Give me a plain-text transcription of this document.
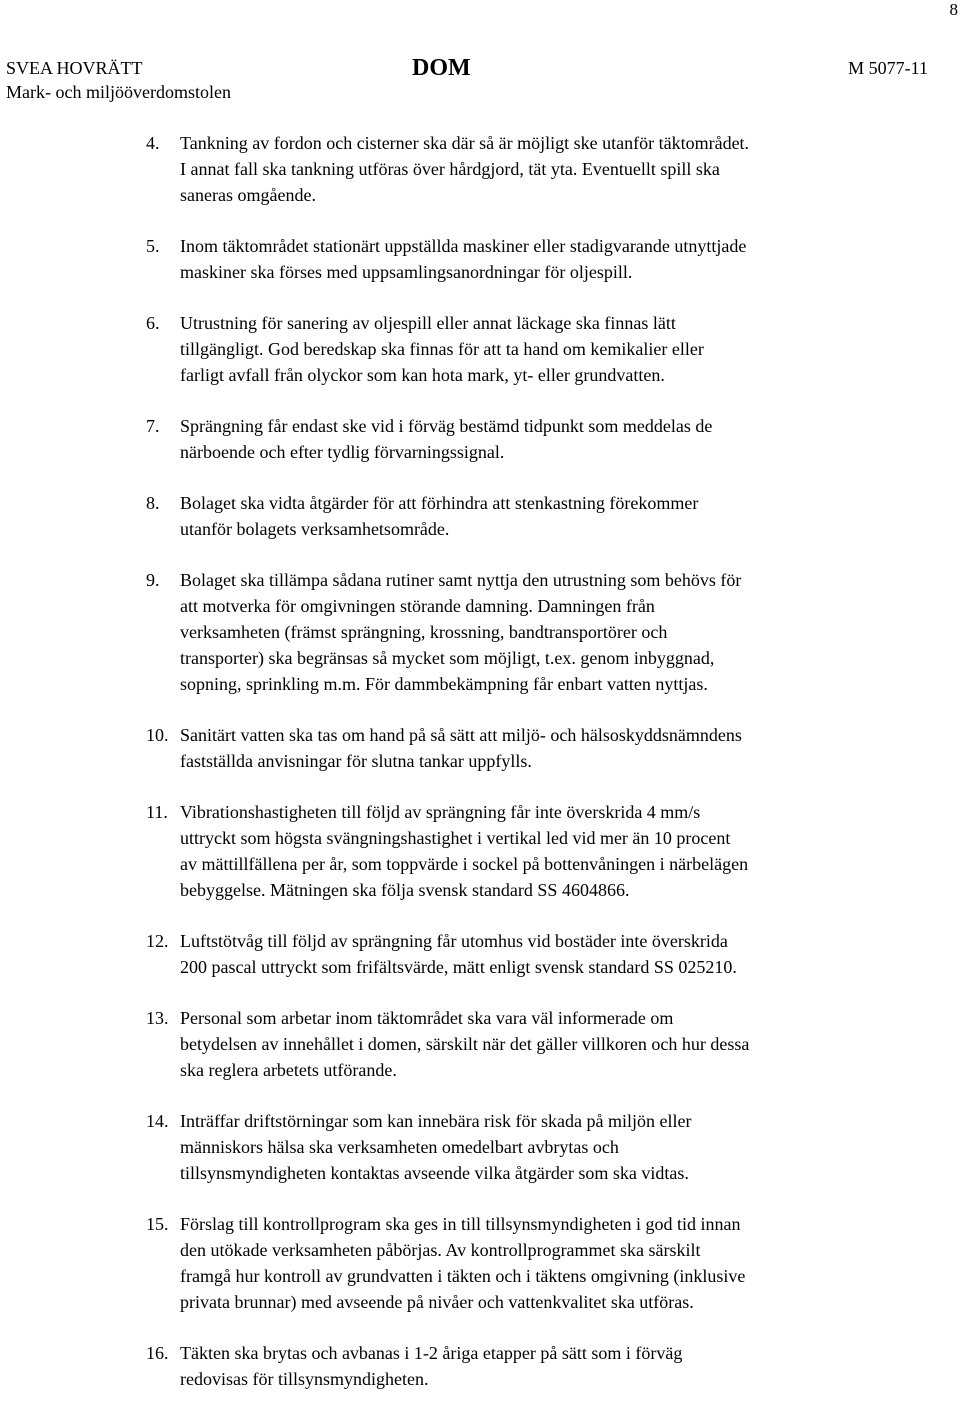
8
SVEA HOVRÄTT
Mark- och miljööverdomstolen
DOM	M 5077-11
4. Tankning av fordon och cisterner ska där så är möjligt ske utanför täktområdet.
I annat fall ska tankning utföras över hårdgjord, tät yta. Eventuellt spill ska
saneras omgående.
5. Inom täktområdet stationärt uppställda maskiner eller stadigvarande utnyttjade
maskiner ska förses med uppsamlingsanordningar för oljespill.
6. Utrustning för sanering av oljespill eller annat läckage ska finnas lätt
tillgängligt. God beredskap ska finnas för att ta hand om kemikalier eller
farligt avfall från olyckor som kan hota mark, yt- eller grundvatten.
7. Sprängning får endast ske vid i förväg bestämd tidpunkt som meddelas de
närboende och efter tydlig förvarningssignal.
8. Bolaget ska vidta åtgärder för att förhindra att stenkastning förekommer
utanför bolagets verksamhetsområde.
9. Bolaget ska tillämpa sådana rutiner samt nyttja den utrustning som behövs för
att motverka för omgivningen störande damning. Damningen från
verksamheten (främst sprängning, krossning, bandtransportörer och
transporter) ska begränsas så mycket som möjligt, t.ex. genom inbyggnad,
sopning, sprinkling m.m. För dammbekämpning får enbart vatten nyttjas.
10. Sanitärt vatten ska tas om hand på så sätt att miljö- och hälsoskyddsnämndens
fastställda anvisningar för slutna tankar uppfylls.
11. Vibrationshastigheten till följd av sprängning får inte överskrida 4 mm/s
uttryckt som högsta svängningshastighet i vertikal led vid mer än 10 procent
av mättillfällena per år, som toppvärde i sockel på bottenvåningen i närbelägen
bebyggelse. Mätningen ska följa svensk standard SS 4604866.
12. Luftstötvåg till följd av sprängning får utomhus vid bostäder inte överskrida
200 pascal uttryckt som frifältsvärde, mätt enligt svensk standard SS 025210.
13. Personal som arbetar inom täktområdet ska vara väl informerade om
betydelsen av innehållet i domen, särskilt när det gäller villkoren och hur dessa
ska reglera arbetets utförande.
14. Inträffar driftstörningar som kan innebära risk för skada på miljön eller
människors hälsa ska verksamheten omedelbart avbrytas och
tillsynsmyndigheten kontaktas avseende vilka åtgärder som ska vidtas.
15. Förslag till kontrollprogram ska ges in till tillsynsmyndigheten i god tid innan
den utökade verksamheten påbörjas. Av kontrollprogrammet ska särskilt
framgå hur kontroll av grundvatten i täkten och i täktens omgivning (inklusive
privata brunnar) med avseende på nivåer och vattenkvalitet ska utföras.
16. Täkten ska brytas och avbanas i 1-2 åriga etapper på sätt som i förväg
redovisas för tillsynsmyndigheten.
